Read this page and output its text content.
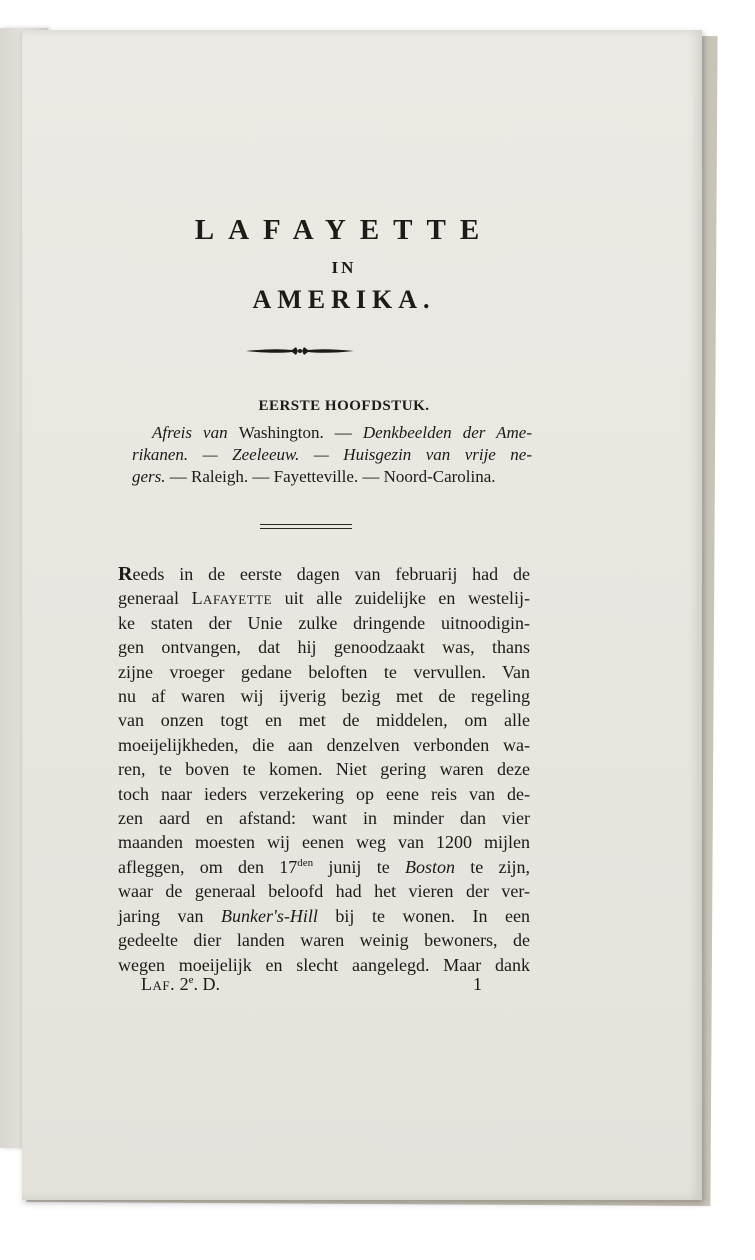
LAFAYETTE
IN
AMERIKA.
EERSTE HOOFDSTUK.
Afreis van Washington. — Denkbeelden der Ame-
rikanen. — Zeeleeuw. — Huisgezin van vrije ne-
gers. — Raleigh. — Fayetteville. — Noord-Carolina.
Reeds in de eerste dagen van februarij had de
generaal Lafayette uit alle zuidelijke en westelij-
ke staten der Unie zulke dringende uitnoodigin-
gen ontvangen, dat hij genoodzaakt was, thans
zijne vroeger gedane beloften te vervullen. Van
nu af waren wij ijverig bezig met de regeling
van onzen togt en met de middelen, om alle
moeijelijkheden, die aan denzelven verbonden wa-
ren, te boven te komen. Niet gering waren deze
toch naar ieders verzekering op eene reis van de-
zen aard en afstand: want in minder dan vier
maanden moesten wij eenen weg van 1200 mijlen
afleggen, om den $17^{den}$ junij te Boston te zijn,
waar de generaal beloofd had het vieren der ver-
jaring van Bunker's-Hill bij te wonen. In een
gedeelte dier landen waren weinig bewoners, de
wegen moeijelijk en slecht aangelegd. Maar dank
Laf. 2e. D.	1
